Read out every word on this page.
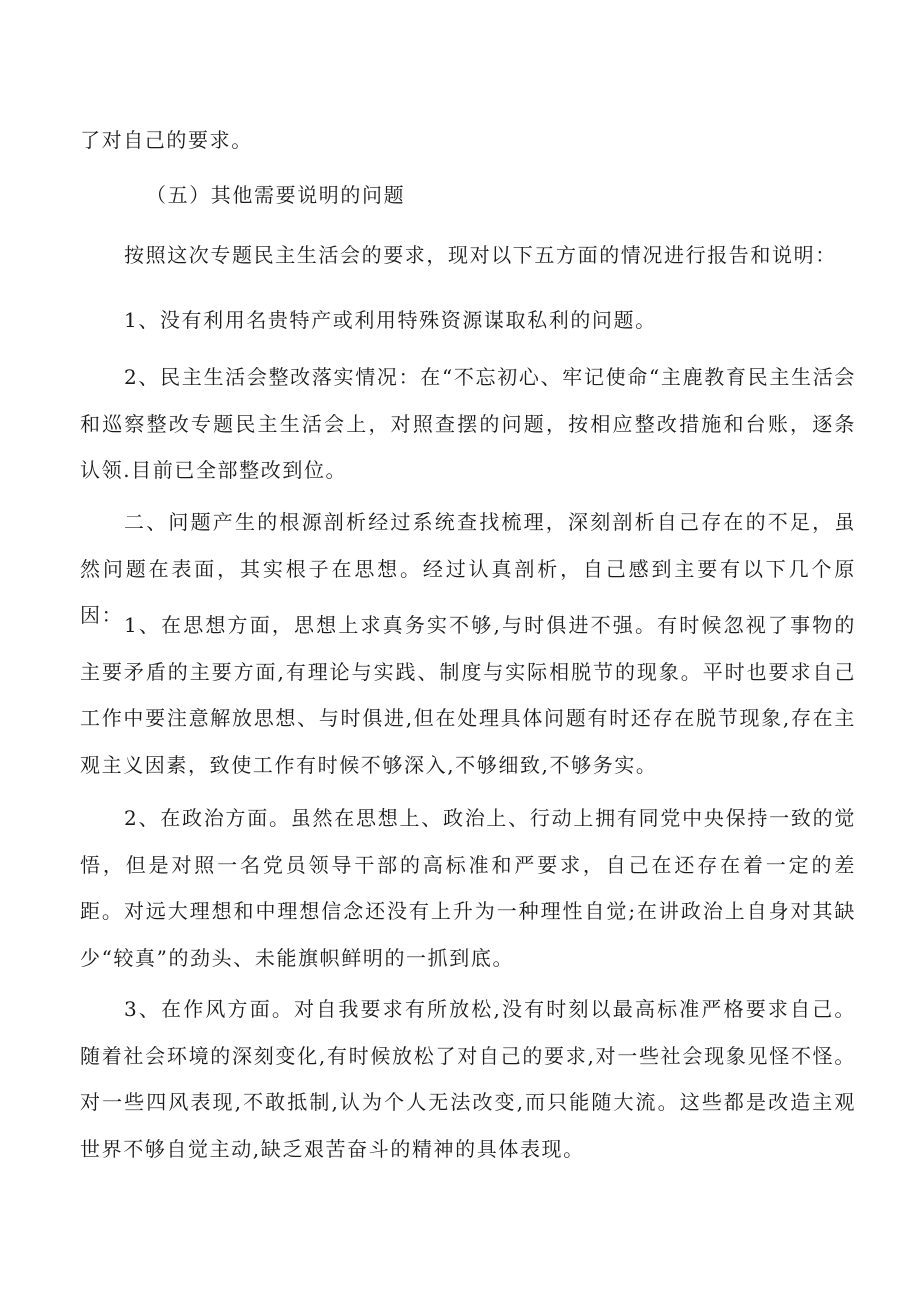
了对自己的要求。

（五）其他需要说明的问题

按照这次专题民主生活会的要求，现对以下五方面的情况进行报告和说明：

1、没有利用名贵特产或利用特殊资源谋取私利的问题。

2、民主生活会整改落实情况：在“不忘初心、牢记使命“主鹿教育民主生活会和巡察整改专题民主生活会上，对照查摆的问题，按相应整改措施和台账，逐条认领.目前已全部整改到位。

二、问题产生的根源剖析经过系统查找梳理，深刻剖析自己存在的不足，虽然问题在表面，其实根子在思想。经过认真剖析，自己感到主要有以下几个原因： 1、在思想方面，思想上求真务实不够,与时俱进不强。有时候忽视了事物的主要矛盾的主要方面,有理论与实践、制度与实际相脱节的现象。平时也要求自己工作中要注意解放思想、与时俱进,但在处理具体问题有时还存在脱节现象,存在主观主义因素，致使工作有时候不够深入,不够细致,不够务实。

2、在政治方面。虽然在思想上、政治上、行动上拥有同党中央保持一致的觉悟，但是对照一名党员领导干部的高标准和严要求，自己在还存在着一定的差距。对远大理想和中理想信念还没有上升为一种理性自觉;在讲政治上自身对其缺少“较真”的劲头、未能旗帜鲜明的一抓到底。

3、在作风方面。对自我要求有所放松,没有时刻以最高标准严格要求自己。随着社会环境的深刻变化,有时候放松了对自己的要求,对一些社会现象见怪不怪。对一些四风表现,不敢抵制,认为个人无法改变,而只能随大流。这些都是改造主观世界不够自觉主动,缺乏艰苦奋斗的精神的具体表现。
